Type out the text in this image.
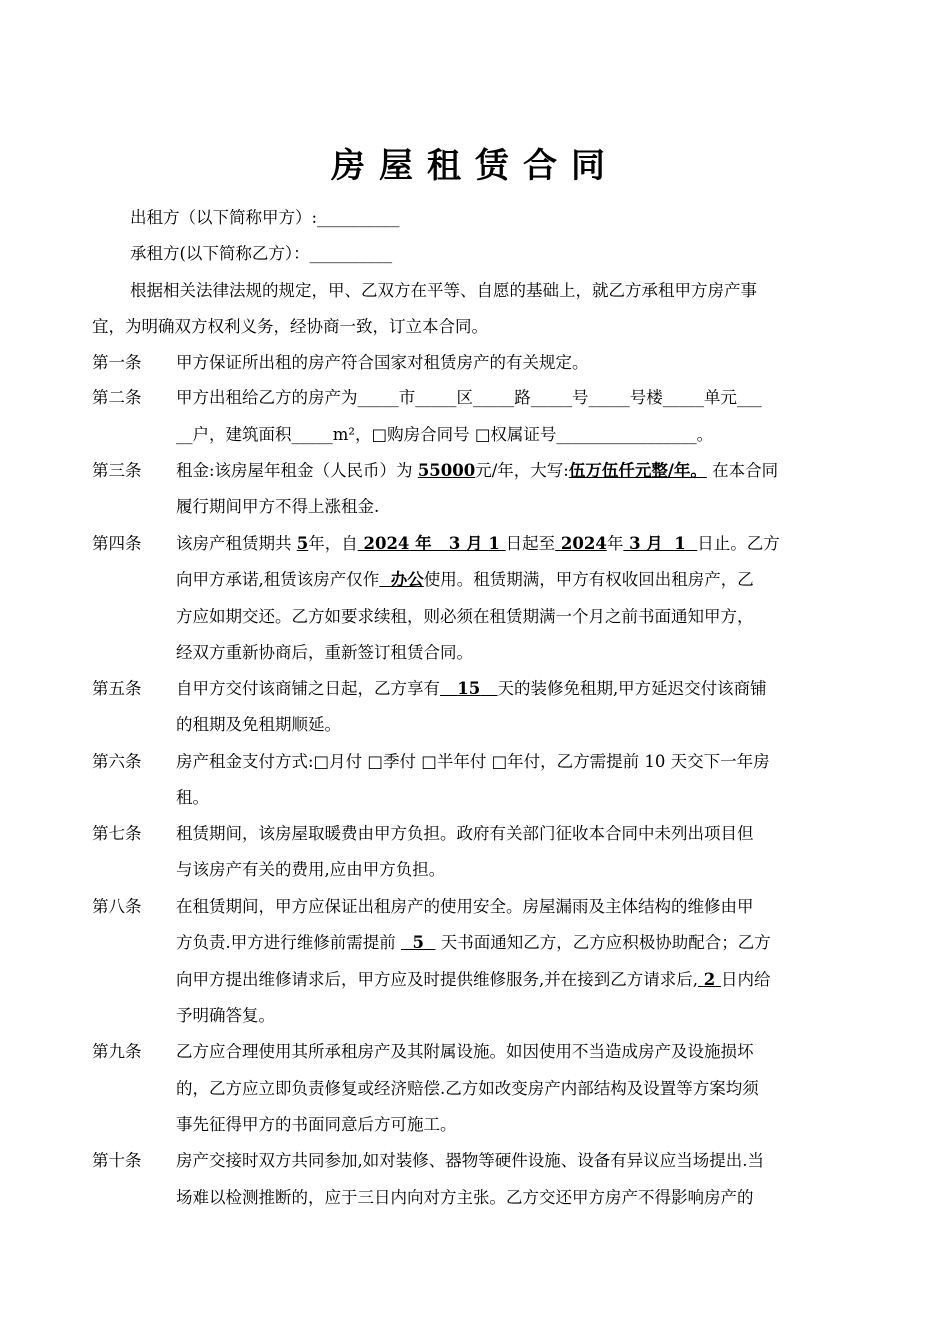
房屋租赁合同
出租方（以下简称甲方）:__________
承租方(以下简称乙方）：__________
根据相关法律法规的规定，甲、乙双方在平等、自愿的基础上，就乙方承租甲方房产事
宜，为明确双方权利义务，经协商一致，订立本合同。
第一条 甲方保证所出租的房产符合国家对租赁房产的有关规定。
第二条 甲方出租给乙方的房产为_____市_____区_____路_____号_____号楼_____单元___
__户，建筑面积_____m²，□购房合同号 □权属证号_________________。
第三条 租金:该房屋年租金（人民币）为 55000元/年，大写:伍万伍仟元整/年。 在本合同
履行期间甲方不得上涨租金.
第四条 该房产租赁期共 5年，自 2024 年   3 月 1 日起至 2024年 3 月  1 日止。乙方
向甲方承诺,租赁该房产仅作 办公使用。租赁期满，甲方有权收回出租房产，乙
方应如期交还。乙方如要求续租，则必须在租赁期满一个月之前书面通知甲方，
经双方重新协商后，重新签订租赁合同。
第五条 自甲方交付该商铺之日起，乙方享有 15 天的装修免租期,甲方延迟交付该商铺
的租期及免租期顺延。
第六条 房产租金支付方式:□月付 □季付 □半年付 □年付，乙方需提前 10 天交下一年房
租。
第七条 租赁期间，该房屋取暖费由甲方负担。政府有关部门征收本合同中未列出项目但
与该房产有关的费用,应由甲方负担。
第八条 在租赁期间，甲方应保证出租房产的使用安全。房屋漏雨及主体结构的维修由甲
方负责.甲方进行维修前需提前 5 天书面通知乙方，乙方应积极协助配合；乙方
向甲方提出维修请求后，甲方应及时提供维修服务,并在接到乙方请求后, 2 日内给
予明确答复。
第九条 乙方应合理使用其所承租房产及其附属设施。如因使用不当造成房产及设施损坏
的，乙方应立即负责修复或经济赔偿.乙方如改变房产内部结构及设置等方案均须
事先征得甲方的书面同意后方可施工。
第十条 房产交接时双方共同参加,如对装修、器物等硬件设施、设备有异议应当场提出.当
场难以检测推断的，应于三日内向对方主张。乙方交还甲方房产不得影响房产的
